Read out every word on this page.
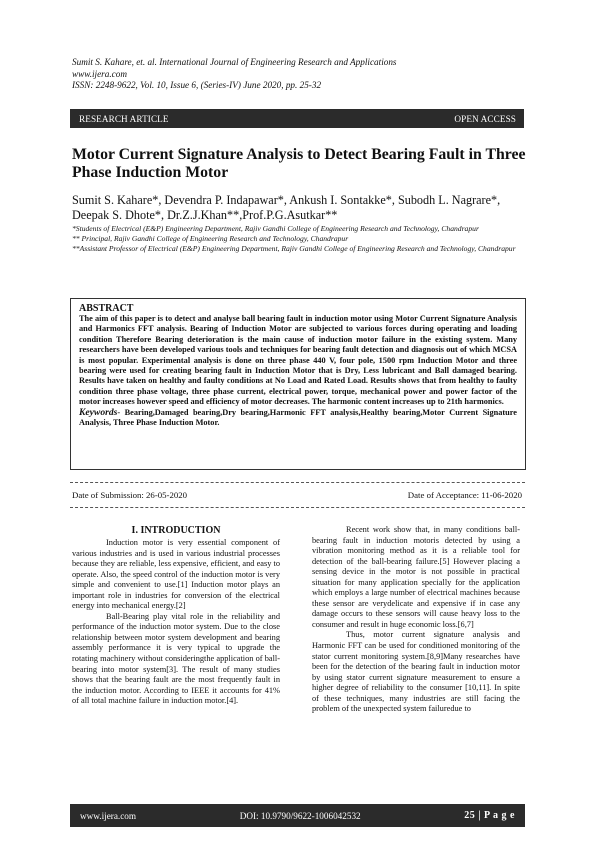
Sumit S. Kahare, et. al. International Journal of Engineering Research and Applications
www.ijera.com
ISSN: 2248-9622, Vol. 10, Issue 6, (Series-IV) June 2020, pp. 25-32
RESEARCH ARTICLE	OPEN ACCESS
Motor Current Signature Analysis to Detect Bearing Fault in Three Phase Induction Motor
Sumit S. Kahare*, Devendra P. Indapawar*, Ankush I. Sontakke*, Subodh L. Nagrare*, Deepak S. Dhote*, Dr.Z.J.Khan**,Prof.P.G.Asutkar**
*Students of Electrical (E&P) Engineering Department, Rajiv Gandhi College of Engineering Research and Technology, Chandrapur
** Principal, Rajiv Gandhi College of Engineering Research and Technology, Chandrapur
**Assistant Professor of Electrical (E&P) Engineering Department, Rajiv Gandhi College of Engineering Research and Technology, Chandrapur
ABSTRACT
The aim of this paper is to detect and analyse ball bearing fault in induction motor using Motor Current Signature Analysis and Harmonics FFT analysis. Bearing of Induction Motor are subjected to various forces during operating and loading condition Therefore Bearing deterioration is the main cause of induction motor failure in the existing system. Many researchers have been developed various tools and techniques for bearing fault detection and diagnosis out of which MCSA is most popular. Experimental analysis is done on three phase 440 V, four pole, 1500 rpm Induction Motor and three bearing were used for creating bearing fault in Induction Motor that is Dry, Less lubricant and Ball damaged bearing. Results have taken on healthy and faulty conditions at No Load and Rated Load. Results shows that from healthy to faulty condition three phase voltage, three phase current, electrical power, torque, mechanical power and power factor of the motor increases however speed and efficiency of motor decreases. The harmonic content increases up to 21th harmonics.
Keywords- Bearing,Damaged bearing,Dry bearing,Harmonic FFT analysis,Healthy bearing,Motor Current Signature Analysis, Three Phase Induction Motor.
Date of Submission: 26-05-2020	Date of Acceptance: 11-06-2020
I. INTRODUCTION

Induction motor is very essential component of various industries and is used in various industrial processes because they are reliable, less expensive, efficient, and easy to operate. Also, the speed control of the induction motor is very simple and convenient to use.[1] Induction motor plays an important role in industries for conversion of the electrical energy into mechanical energy.[2]

Ball-Bearing play vital role in the reliability and performance of the induction motor system. Due to the close relationship between motor system development and bearing assembly performance it is very typical to upgrade the rotating machinery without consideringthe application of ball-bearing into motor system[3]. The result of many studies shows that the bearing fault are the most frequently fault in the induction motor. According to IEEE it accounts for 41% of all total machine failure in induction motor.[4].

Recent work show that, in many conditions ball-bearing fault in induction motoris detected by using a vibration monitoring method as it is a reliable tool for detection of the ball-bearing failure.[5] However placing a sensing device in the motor is not possible in practical situation for many application specially for the application which employs a large number of electrical machines because these sensor are verydelicate and expensive if in case any damage occurs to these sensors will cause heavy loss to the consumer and result in huge economic loss.[6,7]

Thus, motor current signature analysis and Harmonic FFT can be used for conditioned monitoring of the stator current monitoring system.[8,9]Many researches have been for the detection of the bearing fault in induction motor by using stator current signature measurement to ensure a higher degree of reliability to the consumer [10,11]. In spite of these techniques, many industries are still facing the problem of the unexpected system failuredue to

www.ijera.com	DOI: 10.9790/9622-1006042532	25 | P a g e
